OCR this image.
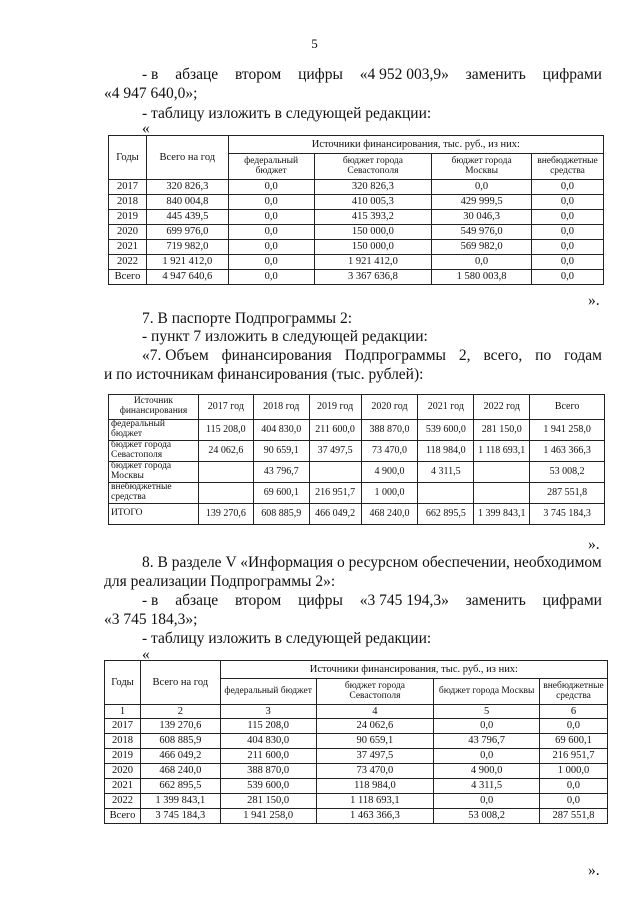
5
- в абзаце втором цифры «4 952 003,9» заменить цифрами
«4 947 640,0»;
- таблицу изложить в следующей редакции:
«
Годы	Всего на год	Источники финансирования, тыс. руб., из них:			
		федеральный бюджет	бюджет города Севастополя	бюджет города Москвы	внебюджетные средства
2017	320 826,3	0,0	320 826,3	0,0	0,0
2018	840 004,8	0,0	410 005,3	429 999,5	0,0
2019	445 439,5	0,0	415 393,2	30 046,3	0,0
2020	699 976,0	0,0	150 000,0	549 976,0	0,0
2021	719 982,0	0,0	150 000,0	569 982,0	0,0
2022	1 921 412,0	0,0	1 921 412,0	0,0	0,0
Всего	4 947 640,6	0,0	3 367 636,8	1 580 003,8	0,0
».
7. В паспорте Подпрограммы 2:
- пункт 7 изложить в следующей редакции:
«7. Объем финансирования Подпрограммы 2, всего, по годам
и по источникам финансирования (тыс. рублей):
Источник финансирования	2017 год	2018 год	2019 год	2020 год	2021 год	2022 год	Всего
федеральный бюджет	115 208,0	404 830,0	211 600,0	388 870,0	539 600,0	281 150,0	1 941 258,0
бюджет города Севастополя	24 062,6	90 659,1	37 497,5	73 470,0	118 984,0	1 118 693,1	1 463 366,3
бюджет города Москвы		43 796,7		4 900,0	4 311,5		53 008,2
внебюджетные средства		69 600,1	216 951,7	1 000,0			287 551,8
ИТОГО	139 270,6	608 885,9	466 049,2	468 240,0	662 895,5	1 399 843,1	3 745 184,3
».
8. В разделе V «Информация о ресурсном обеспечении, необходимом
для реализации Подпрограммы 2»:
- в абзаце втором цифры «3 745 194,3» заменить цифрами
«3 745 184,3»;
- таблицу изложить в следующей редакции:
«
Годы	Всего на год	Источники финансирования, тыс. руб., из них:			
		федеральный бюджет	бюджет города Севастополя	бюджет города Москвы	внебюджетные средства
1	2	3	4	5	6
2017	139 270,6	115 208,0	24 062,6	0,0	0,0
2018	608 885,9	404 830,0	90 659,1	43 796,7	69 600,1
2019	466 049,2	211 600,0	37 497,5	0,0	216 951,7
2020	468 240,0	388 870,0	73 470,0	4 900,0	1 000,0
2021	662 895,5	539 600,0	118 984,0	4 311,5	0,0
2022	1 399 843,1	281 150,0	1 118 693,1	0,0	0,0
Всего	3 745 184,3	1 941 258,0	1 463 366,3	53 008,2	287 551,8
».
